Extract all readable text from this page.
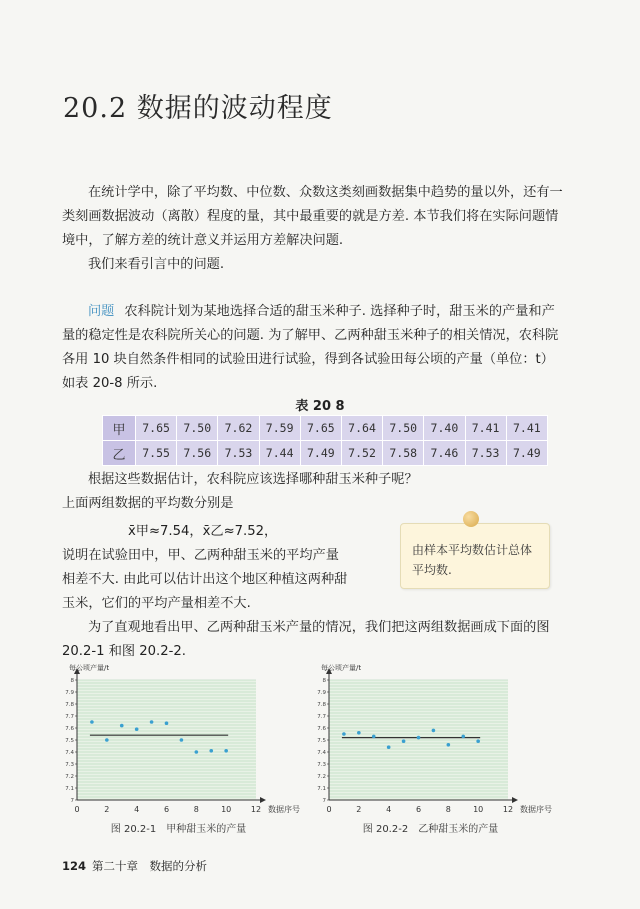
20.2 数据的波动程度

在统计学中，除了平均数、中位数、众数这类刻画数据集中趋势的量以外，还有一类刻画数据波动（离散）程度的量，其中最重要的就是方差. 本节我们将在实际问题情境中，了解方差的统计意义并运用方差解决问题.

我们来看引言中的问题.

问题 农科院计划为某地选择合适的甜玉米种子. 选择种子时，甜玉米的产量和产量的稳定性是农科院所关心的问题. 为了解甲、乙两种甜玉米种子的相关情况，农科院各用 10 块自然条件相同的试验田进行试验，得到各试验田每公顷的产量（单位：t）如表 20-8 所示.

表 20 8
甲	7.65	7.50	7.62	7.59	7.65	7.64	7.50	7.40	7.41	7.41
乙	7.55	7.56	7.53	7.44	7.49	7.52	7.58	7.46	7.53	7.49

根据这些数据估计，农科院应该选择哪种甜玉米种子呢？

上面两组数据的平均数分别是

x̄甲≈7.54，x̄乙≈7.52，

说明在试验田中，甲、乙两种甜玉米的平均产量

相差不大. 由此可以估计出这个地区种植这两种甜

玉米，它们的平均产量相差不大.

为了直观地看出甲、乙两种甜玉米产量的情况，我们把这两组数据画成下面的图 20.2-1 和图 20.2-2.

由样本平均数估计总体平均数.
7
7.1
7.2
7.3
7.4
7.5
7.6
7.7
7.8
7.9
8
0	2	4	6	8	10 12
每公顷产量/t
数据序号
图 20.2-1　甲种甜玉米的产量
7
7.1
7.2
7.3
7.4
7.5
7.6
7.7
7.8
7.9
8
0	2	4	6	8	10 12
每公顷产量/t
数据序号
图 20.2-2　乙种甜玉米的产量
124 第二十章　数据的分析
